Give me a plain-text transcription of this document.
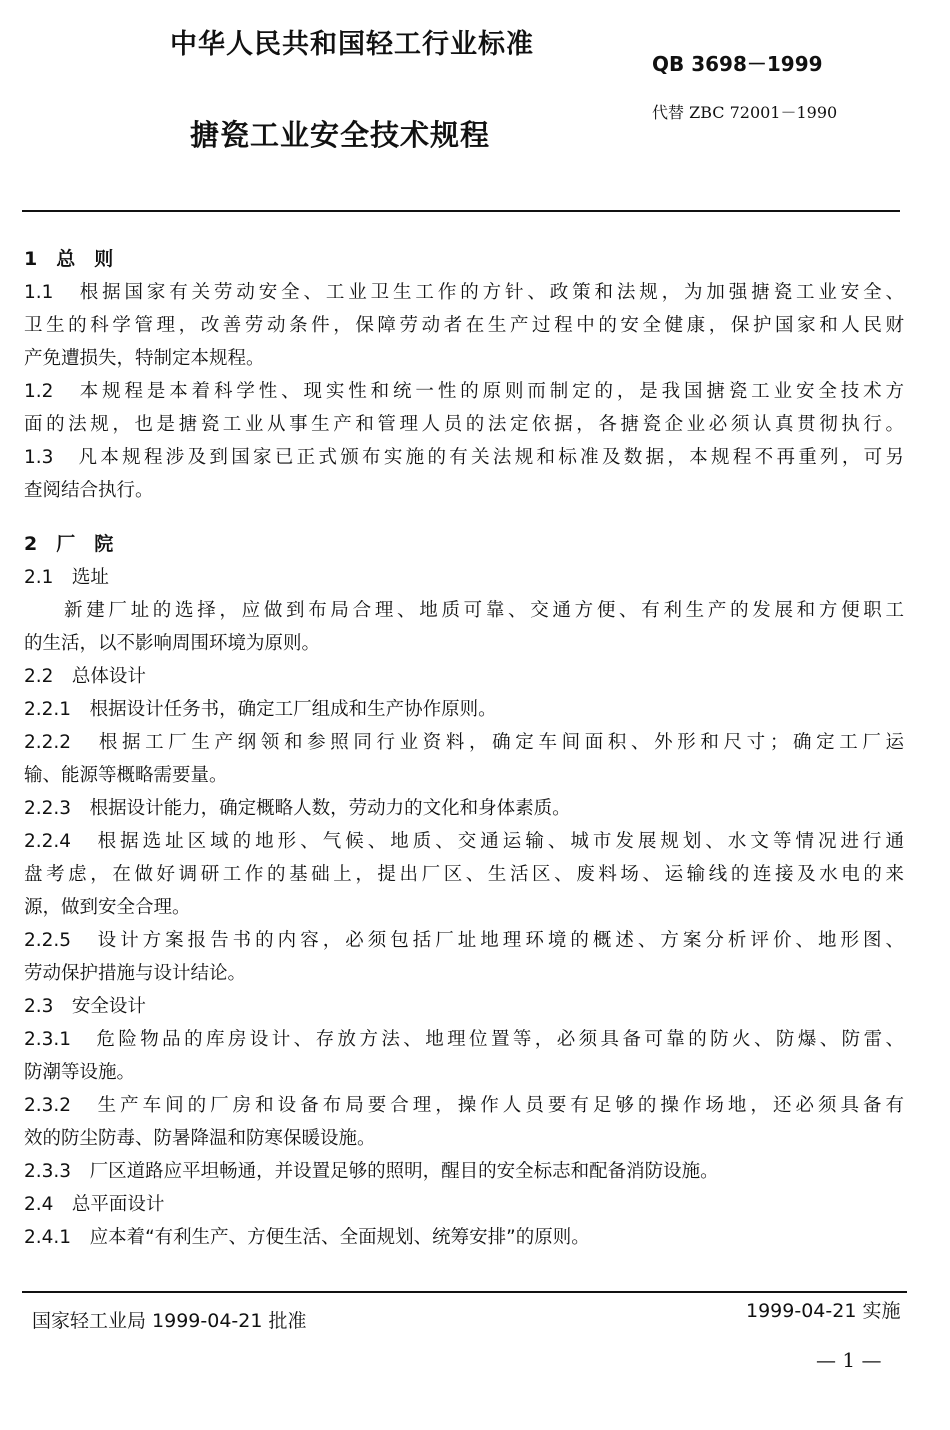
中华人民共和国轻工行业标准
QB 3698－1999
代替 ZBC 72001－1990
搪瓷工业安全技术规程
1　总　则
1.1　根据国家有关劳动安全、工业卫生工作的方针、政策和法规，为加强搪瓷工业安全、
卫生的科学管理，改善劳动条件，保障劳动者在生产过程中的安全健康，保护国家和人民财
产免遭损失，特制定本规程。
1.2　本规程是本着科学性、现实性和统一性的原则而制定的，是我国搪瓷工业安全技术方
面的法规，也是搪瓷工业从事生产和管理人员的法定依据，各搪瓷企业必须认真贯彻执行。
1.3　凡本规程涉及到国家已正式颁布实施的有关法规和标准及数据，本规程不再重列，可另
查阅结合执行。
2　厂　院
2.1　选址
新建厂址的选择，应做到布局合理、地质可靠、交通方便、有利生产的发展和方便职工
的生活，以不影响周围环境为原则。
2.2　总体设计
2.2.1　根据设计任务书，确定工厂组成和生产协作原则。
2.2.2　根据工厂生产纲领和参照同行业资料，确定车间面积、外形和尺寸；确定工厂运
输、能源等概略需要量。
2.2.3　根据设计能力，确定概略人数，劳动力的文化和身体素质。
2.2.4　根据选址区域的地形、气候、地质、交通运输、城市发展规划、水文等情况进行通
盘考虑，在做好调研工作的基础上，提出厂区、生活区、废料场、运输线的连接及水电的来
源，做到安全合理。
2.2.5　设计方案报告书的内容，必须包括厂址地理环境的概述、方案分析评价、地形图、
劳动保护措施与设计结论。
2.3　安全设计
2.3.1　危险物品的库房设计、存放方法、地理位置等，必须具备可靠的防火、防爆、防雷、
防潮等设施。
2.3.2　生产车间的厂房和设备布局要合理，操作人员要有足够的操作场地，还必须具备有
效的防尘防毒、防暑降温和防寒保暖设施。
2.3.3　厂区道路应平坦畅通，并设置足够的照明，醒目的安全标志和配备消防设施。
2.4　总平面设计
2.4.1　应本着“有利生产、方便生活、全面规划、统筹安排”的原则。
国家轻工业局 1999-04-21 批准	1999-04-21 实施
— 1 —
